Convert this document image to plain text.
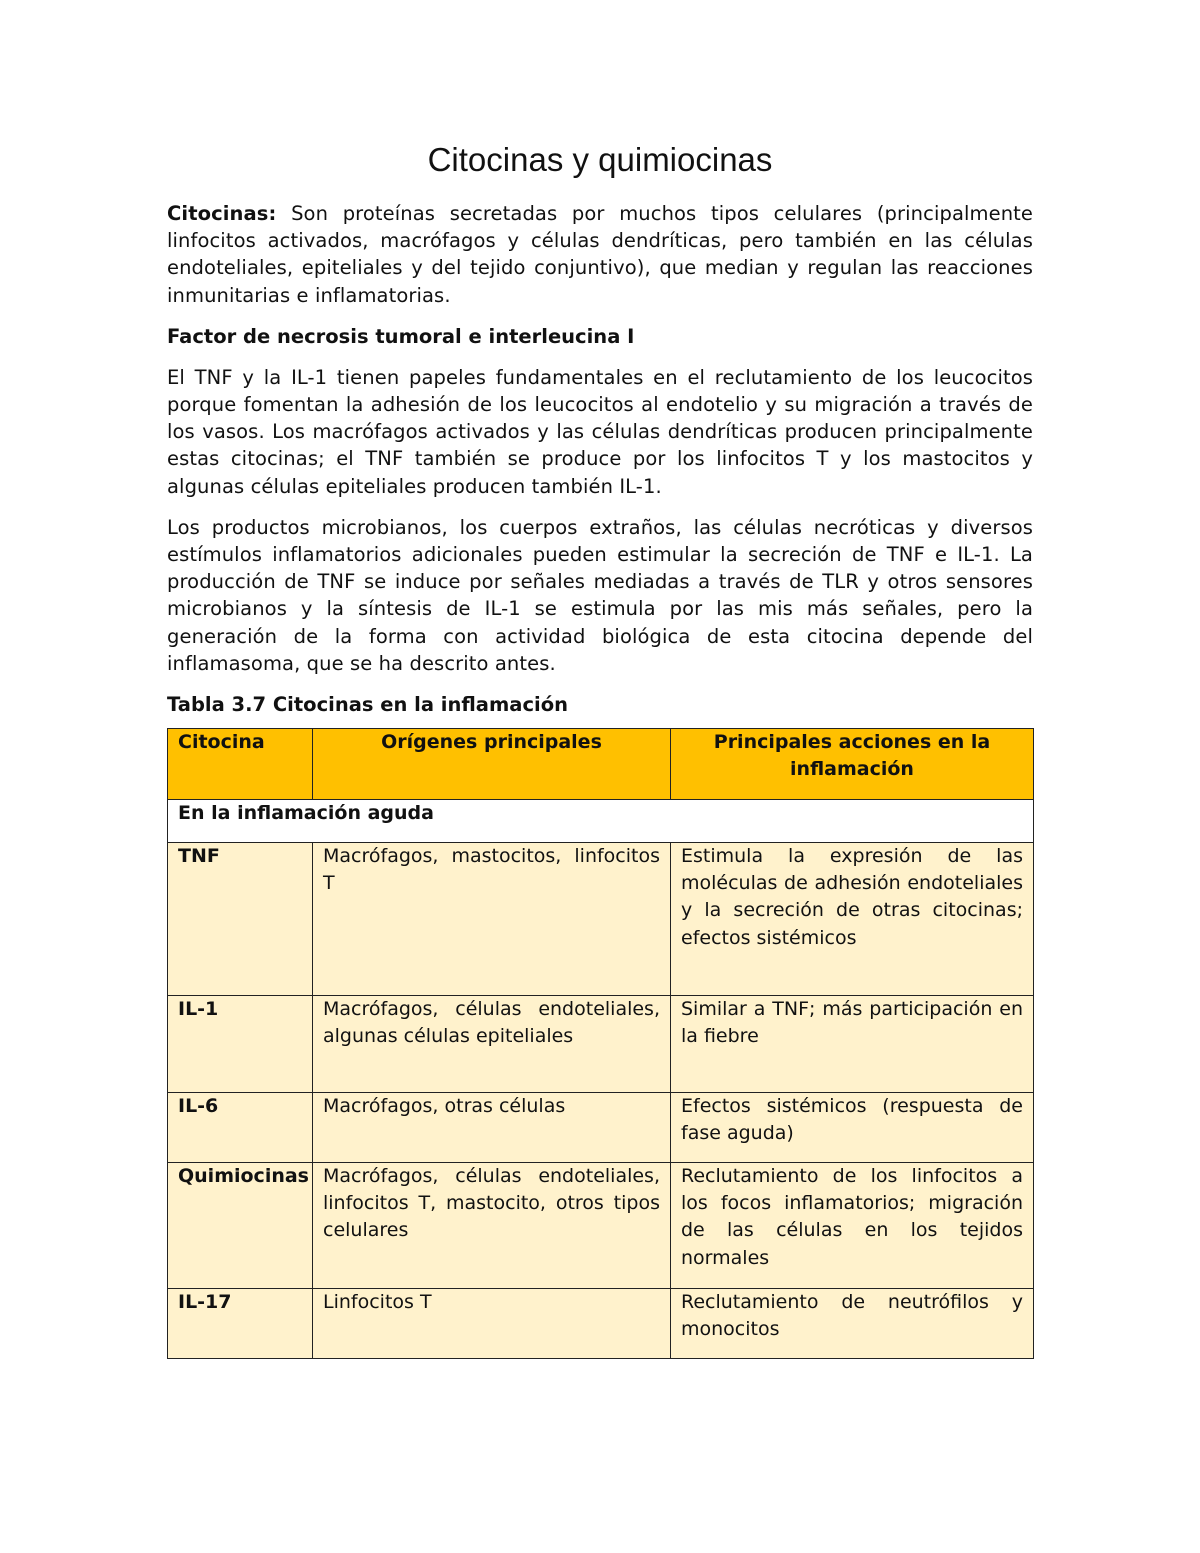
Citocinas y quimiocinas

Citocinas: Son proteínas secretadas por muchos tipos celulares (principalmente linfocitos activados, macrófagos y células dendríticas, pero también en las células endoteliales, epiteliales y del tejido conjuntivo), que median y regulan las reacciones inmunitarias e inflamatorias.

Factor de necrosis tumoral e interleucina I

El TNF y la IL-1 tienen papeles fundamentales en el reclutamiento de los leucocitos porque fomentan la adhesión de los leucocitos al endotelio y su migración a través de los vasos. Los macrófagos activados y las células dendríticas producen principalmente estas citocinas; el TNF también se produce por los linfocitos T y los mastocitos y algunas células epiteliales producen también IL-1.

Los productos microbianos, los cuerpos extraños, las células necróticas y diversos estímulos inflamatorios adicionales pueden estimular la secreción de TNF e IL-1. La producción de TNF se induce por señales mediadas a través de TLR y otros sensores microbianos y la síntesis de IL-1 se estimula por las mis más señales, pero la generación de la forma con actividad biológica de esta citocina depende del inflamasoma, que se ha descrito antes.

Tabla 3.7 Citocinas en la inflamación
Citocina	Orígenes principales	Principales acciones en la inflamación
En la inflamación aguda		
TNF	Macrófagos, mastocitos, linfocitos T	Estimula la expresión de las moléculas de adhesión endoteliales y la secreción de otras citocinas; efectos sistémicos
IL-1	Macrófagos, células endoteliales, algunas células epiteliales	Similar a TNF; más participación en la fiebre
IL-6	Macrófagos, otras células	Efectos sistémicos (respuesta de fase aguda)
Quimiocinas	Macrófagos, células endoteliales, linfocitos T, mastocito, otros tipos celulares	Reclutamiento de los linfocitos a los focos inflamatorios; migración de las células en los tejidos normales
IL-17	Linfocitos T	Reclutamiento de neutrófilos y monocitos
